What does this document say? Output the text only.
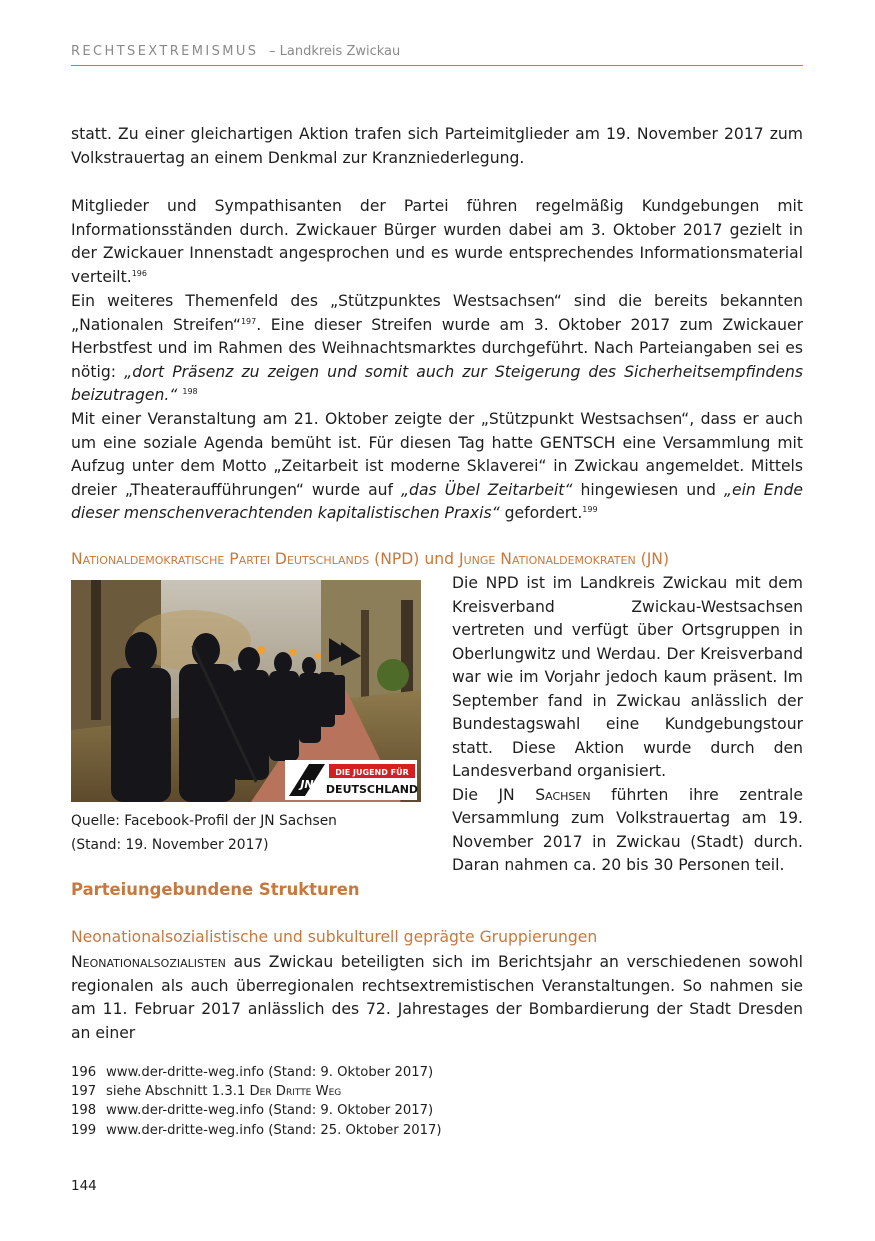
RECHTSEXTREMISMUS – Landkreis Zwickau

statt. Zu einer gleichartigen Aktion trafen sich Parteimitglieder am 19. November 2017 zum Volkstrauertag an einem Denkmal zur Kranzniederlegung.

Mitglieder und Sympathisanten der Partei führen regelmäßig Kundgebungen mit Informationsständen durch. Zwickauer Bürger wurden dabei am 3. Oktober 2017 gezielt in der Zwickauer Innenstadt angesprochen und es wurde entsprechendes Informationsmaterial verteilt.$^{196}$

Ein weiteres Themenfeld des „Stützpunktes Westsachsen“ sind die bereits bekannten „Nationalen Streifen“$^{197}$. Eine dieser Streifen wurde am 3. Oktober 2017 zum Zwickauer Herbstfest und im Rahmen des Weihnachtsmarktes durchgeführt. Nach Parteiangaben sei es nötig: „dort Präsenz zu zeigen und somit auch zur Steigerung des Sicherheitsempfindens beizutragen.“ $^{198}$

Mit einer Veranstaltung am 21. Oktober zeigte der „Stützpunkt Westsachsen“, dass er auch um eine soziale Agenda bemüht ist. Für diesen Tag hatte GENTSCH eine Versammlung mit Aufzug unter dem Motto „Zeitarbeit ist moderne Sklaverei“ in Zwickau angemeldet. Mittels dreier „Theateraufführungen“ wurde auf „das Übel Zeitarbeit“ hingewiesen und „ein Ende dieser menschenverachtenden kapitalistischen Praxis“ gefordert.$^{199}$

Nationaldemokratische Partei Deutschlands (NPD) und Junge Nationaldemokraten (JN)

DIE JUGEND FÜR
DEUTSCHLAND
JN

Quelle: Facebook-Profil der JN Sachsen
(Stand: 19. November 2017)

Die NPD ist im Landkreis Zwickau mit dem Kreisverband Zwickau-Westsachsen vertreten und verfügt über Ortsgruppen in Oberlungwitz und Werdau. Der Kreisverband war wie im Vorjahr jedoch kaum präsent. Im September fand in Zwickau anlässlich der Bundestagswahl eine Kundgebungstour statt. Diese Aktion wurde durch den Landesverband organisiert.
Die JN Sachsen führten ihre zentrale Versammlung zum Volkstrauertag am 19. November 2017 in Zwickau (Stadt) durch. Daran nahmen ca. 20 bis 30 Personen teil.

Parteiungebundene Strukturen

Neonationalsozialistische und subkulturell geprägte Gruppierungen

Neonationalsozialisten aus Zwickau beteiligten sich im Berichtsjahr an verschiedenen sowohl regionalen als auch überregionalen rechtsextremistischen Veranstaltungen. So nahmen sie am 11. Februar 2017 anlässlich des 72. Jahrestages der Bombardierung der Stadt Dresden an einer

196 www.der-dritte-weg.info (Stand: 9. Oktober 2017)
197 siehe Abschnitt 1.3.1 Der Dritte Weg
198 www.der-dritte-weg.info (Stand: 9. Oktober 2017)
199 www.der-dritte-weg.info (Stand: 25. Oktober 2017)
144
